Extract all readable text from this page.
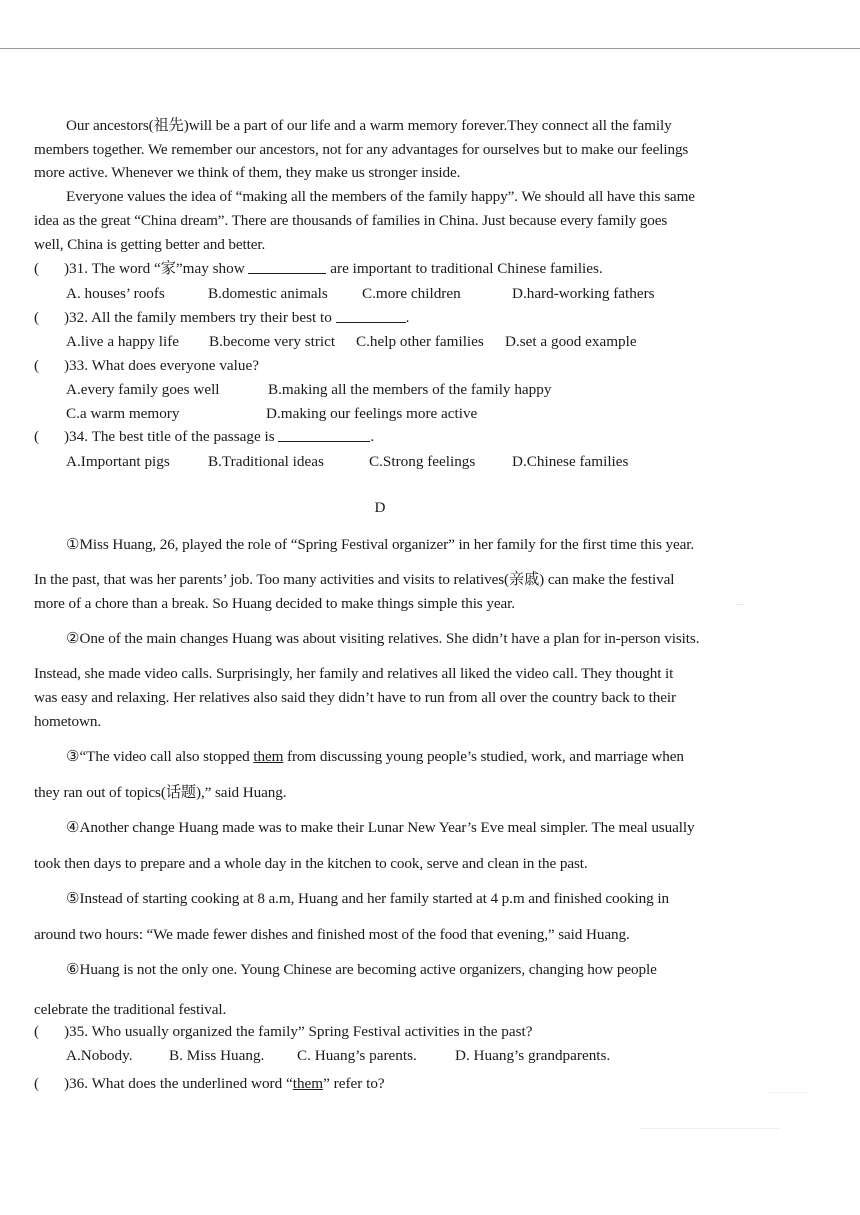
Our ancestors(祖先)will be a part of our life and a warm memory forever.They connect all the family
members together. We remember our ancestors, not for any advantages for ourselves but to make our feelings
more active. Whenever we think of them, they make us stronger inside.
Everyone values the idea of “making all the members of the family happy”. We should all have this same
idea as the great “China dream”. There are thousands of families in China. Just because every family goes
well, China is getting better and better.
( )31. The word “家”may show	are important to traditional Chinese families.
A. houses’ roofs	B.domestic animals C.more children	D.hard-working fathers
( )32. All the family members try their best to	.
A.live a happy life B.become very strict C.help other families D.set a good example
( )33. What does everyone value?
A.every family goes well	B.making all the members of the family happy
C.a warm memory	D.making our feelings more active
( )34. The best title of the passage is	.
A.Important pigs	B.Traditional ideas	C.Strong feelings D.Chinese families
D
①Miss Huang, 26, played the role of “Spring Festival organizer” in her family for the first time this year.
In the past, that was her parents’ job. Too many activities and visits to relatives(亲戚) can make the festival
more of a chore than a break. So Huang decided to make things simple this year.
②One of the main changes Huang was about visiting relatives. She didn’t have a plan for in-person visits.
Instead, she made video calls. Surprisingly, her family and relatives all liked the video call. They thought it
was easy and relaxing. Her relatives also said they didn’t have to run from all over the country back to their
hometown.
③“The video call also stopped them from discussing young people’s studied, work, and marriage when
they ran out of topics(话题),” said Huang.
④Another change Huang made was to make their Lunar New Year’s Eve meal simpler. The meal usually
took then days to prepare and a whole day in the kitchen to cook, serve and clean in the past.
⑤Instead of starting cooking at 8 a.m, Huang and her family started at 4 p.m and finished cooking in
around two hours: “We made fewer dishes and finished most of the food that evening,” said Huang.
⑥Huang is not the only one. Young Chinese are becoming active organizers, changing how people
celebrate the traditional festival.
( )35. Who usually organized the family” Spring Festival activities in the past?
A.Nobody. B. Miss Huang. C. Huang’s parents.	D. Huang’s grandparents.
( )36. What does the underlined word “them” refer to?
